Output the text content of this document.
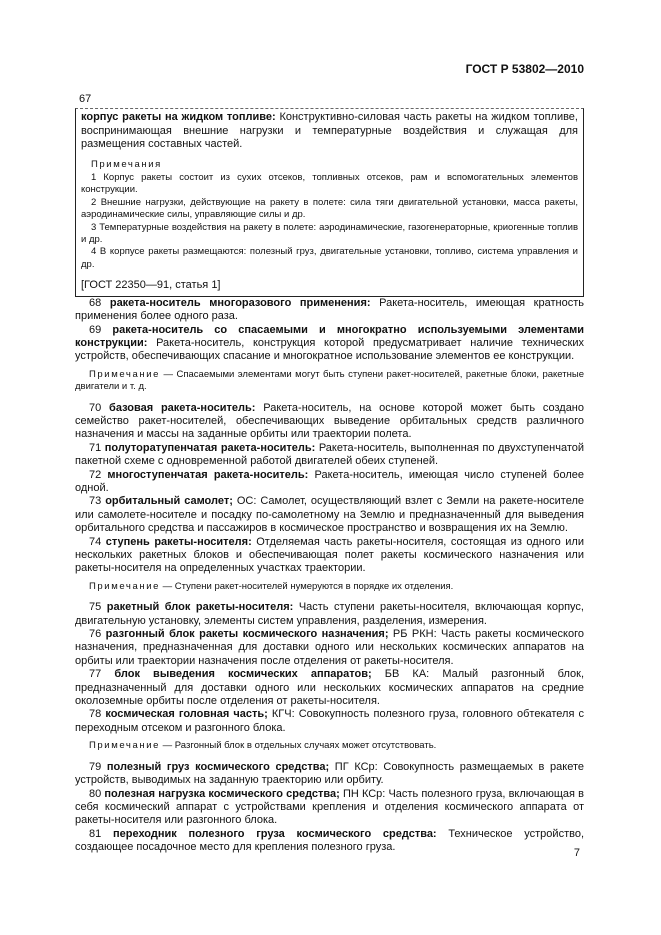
ГОСТ Р 53802—2010
67
корпус ракеты на жидком топливе: Конструктивно-силовая часть ракеты на жидком топливе, воспринимающая внешние нагрузки и температурные воздействия и служащая для размещения составных частей.
Примечания
1 Корпус ракеты состоит из сухих отсеков, топливных отсеков, рам и вспомогательных элементов конструкции.
2 Внешние нагрузки, действующие на ракету в полете: сила тяги двигательной установки, масса ракеты, аэродинамические силы, управляющие силы и др.
3 Температурные воздействия на ракету в полете: аэродинамические, газогенераторные, криогенные топлив и др.
4 В корпусе ракеты размещаются: полезный груз, двигательные установки, топливо, система управления и др.
[ГОСТ 22350—91, статья 1]
68 ракета-носитель многоразового применения: Ракета-носитель, имеющая кратность применения более одного раза.
69 ракета-носитель со спасаемыми и многократно используемыми элементами конструкции: Ракета-носитель, конструкция которой предусматривает наличие технических устройств, обеспечивающих спасание и многократное использование элементов ее конструкции.
Примечание — Спасаемыми элементами могут быть ступени ракет-носителей, ракетные блоки, ракетные двигатели и т. д.
70 базовая ракета-носитель: Ракета-носитель, на основе которой может быть создано семейство ракет-носителей, обеспечивающих выведение орбитальных средств различного назначения и массы на заданные орбиты или траектории полета.
71 полуторатупенчатая ракета-носитель: Ракета-носитель, выполненная по двухступенчатой пакетной схеме с одновременной работой двигателей обеих ступеней.
72 многоступенчатая ракета-носитель: Ракета-носитель, имеющая число ступеней более одной.
73 орбитальный самолет; ОС: Самолет, осуществляющий взлет с Земли на ракете-носителе или самолете-носителе и посадку по-самолетному на Землю и предназначенный для выведения орбитального средства и пассажиров в космическое пространство и возвращения их на Землю.
74 ступень ракеты-носителя: Отделяемая часть ракеты-носителя, состоящая из одного или нескольких ракетных блоков и обеспечивающая полет ракеты космического назначения или ракеты-носителя на определенных участках траектории.
Примечание — Ступени ракет-носителей нумеруются в порядке их отделения.
75 ракетный блок ракеты-носителя: Часть ступени ракеты-носителя, включающая корпус, двигательную установку, элементы систем управления, разделения, измерения.
76 разгонный блок ракеты космического назначения; РБ РКН: Часть ракеты космического назначения, предназначенная для доставки одного или нескольких космических аппаратов на орбиты или траектории назначения после отделения от ракеты-носителя.
77 блок выведения космических аппаратов; БВ КА: Малый разгонный блок, предназначенный для доставки одного или нескольких космических аппаратов на средние околоземные орбиты после отделения от ракеты-носителя.
78 космическая головная часть; КГЧ: Совокупность полезного груза, головного обтекателя с переходным отсеком и разгонного блока.
Примечание — Разгонный блок в отдельных случаях может отсутствовать.
79 полезный груз космического средства; ПГ КСр: Совокупность размещаемых в ракете устройств, выводимых на заданную траекторию или орбиту.
80 полезная нагрузка космического средства; ПН КСр: Часть полезного груза, включающая в себя космический аппарат с устройствами крепления и отделения космического аппарата от ракеты-носителя или разгонного блока.
81 переходник полезного груза космического средства: Техническое устройство, создающее посадочное место для крепления полезного груза.	7
